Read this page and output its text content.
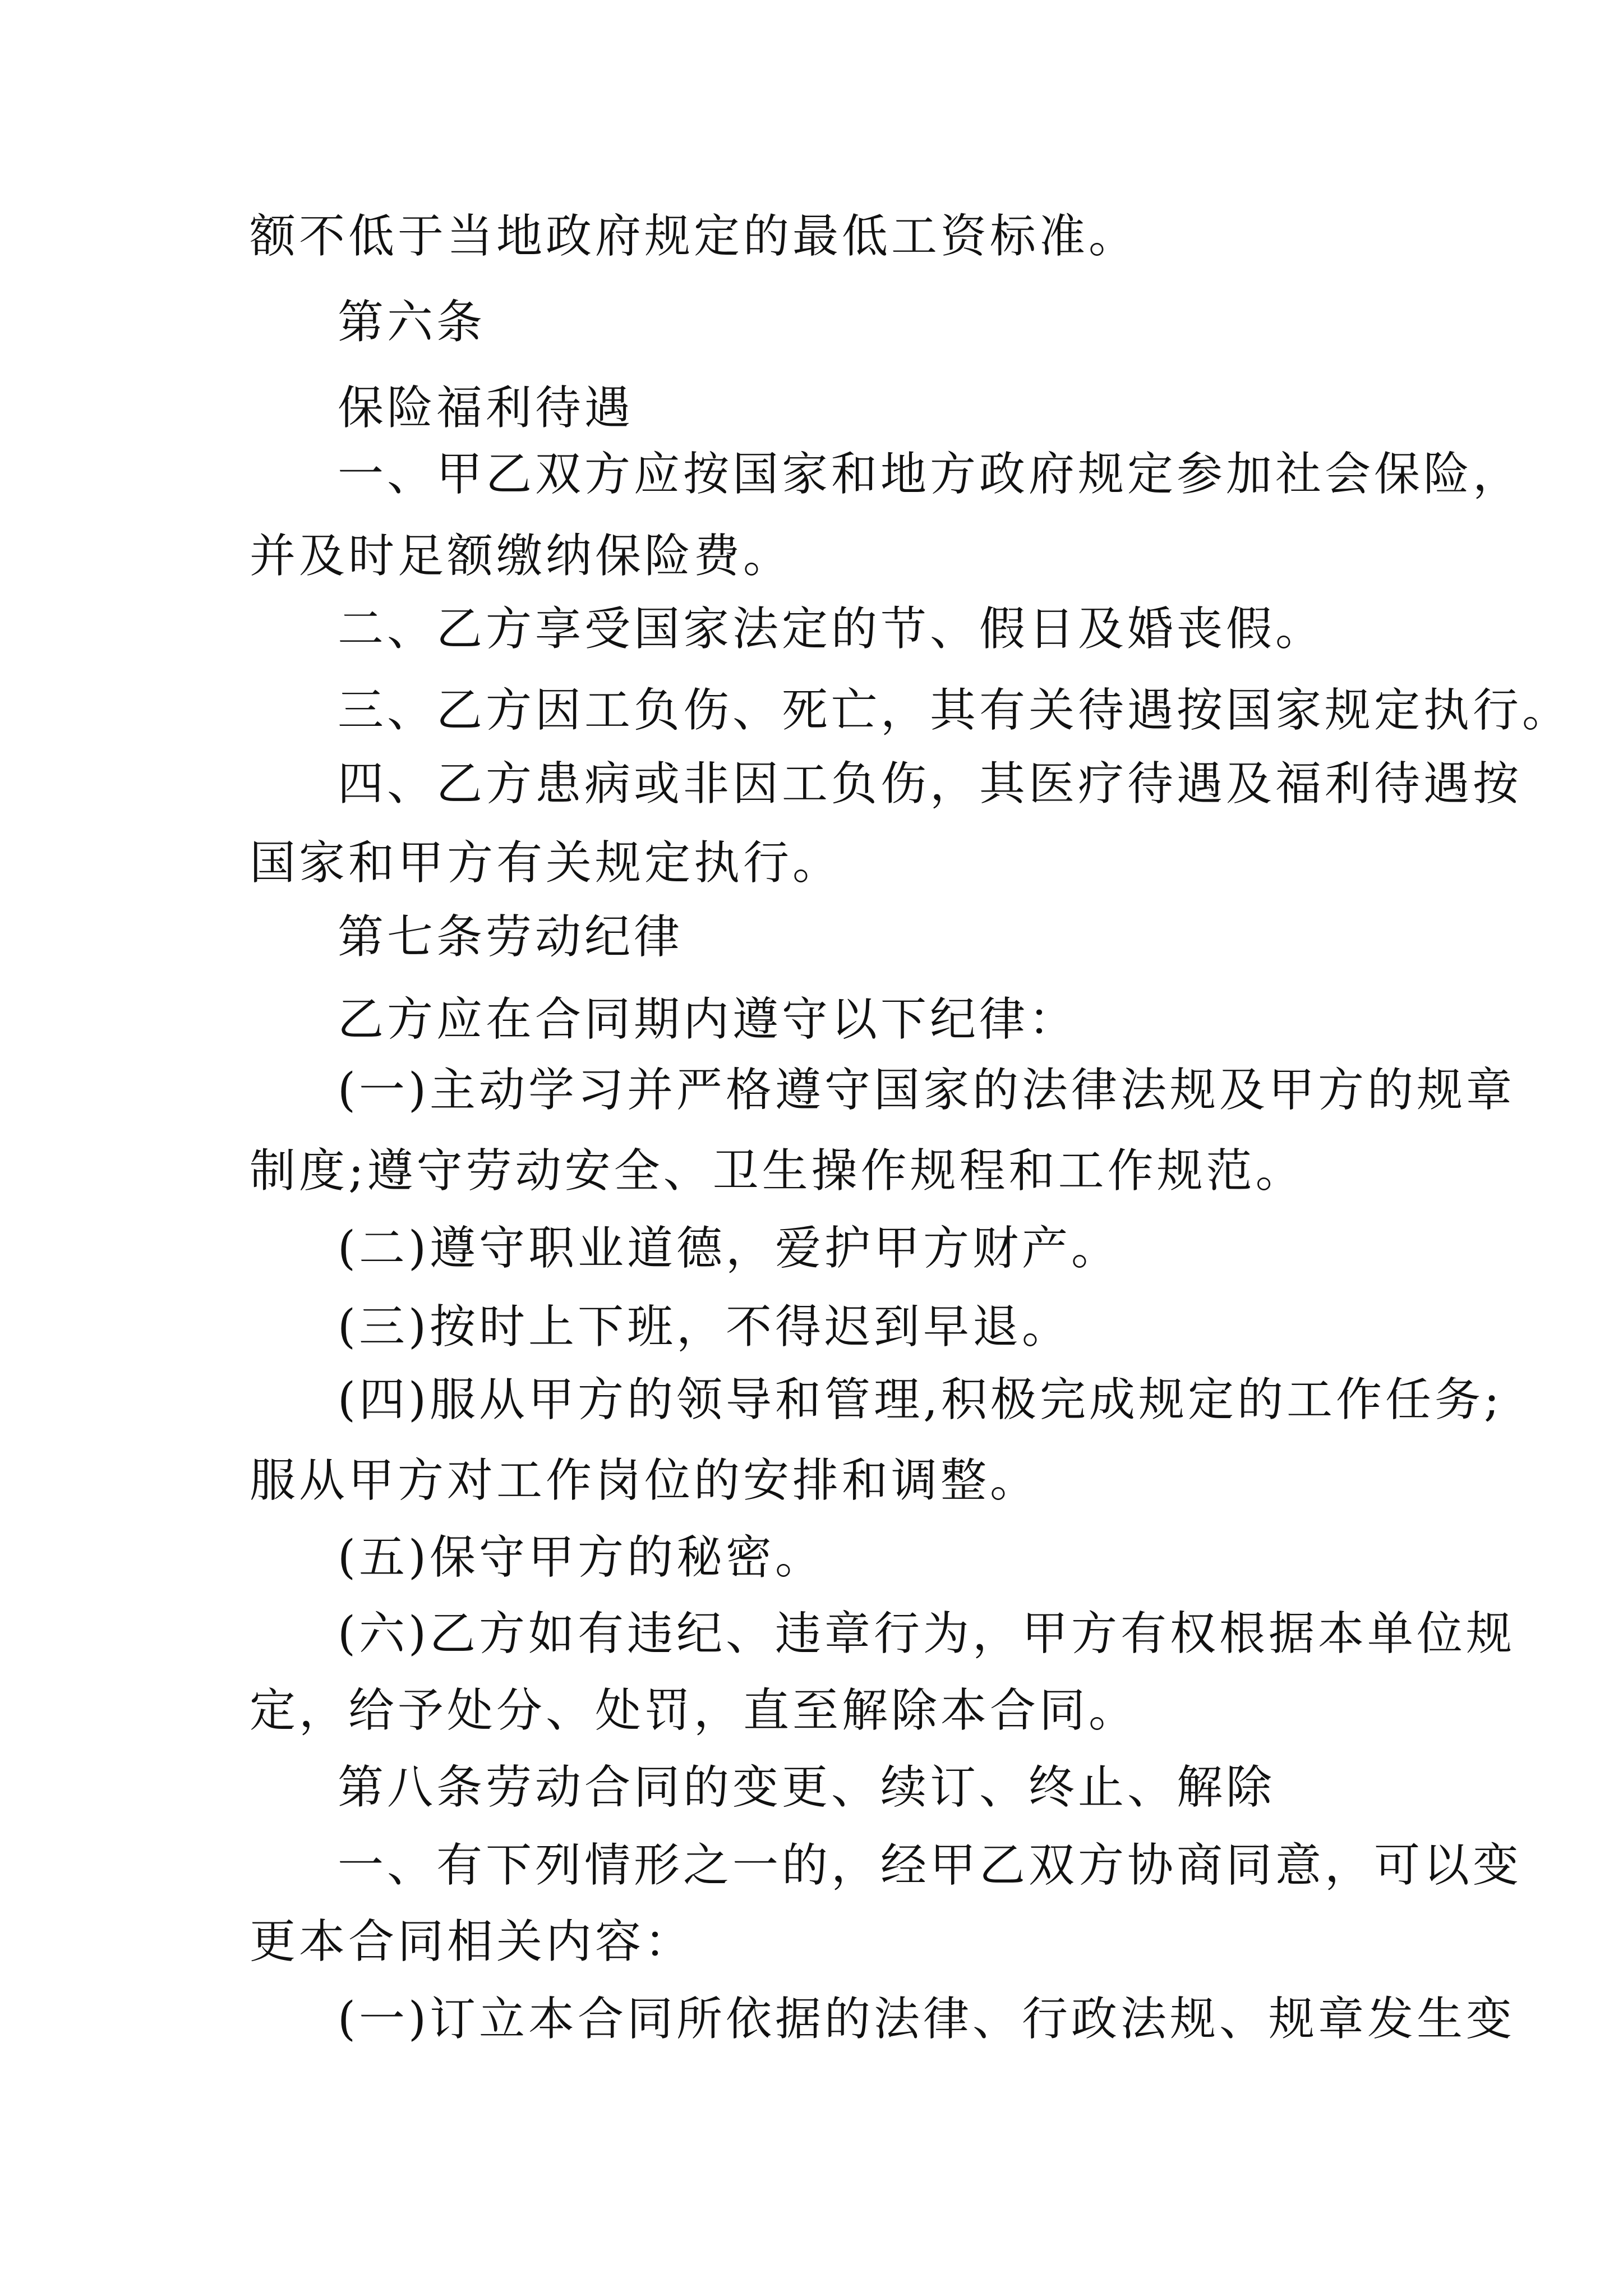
额不低于当地政府规定的最低工资标准。
第六条
保险福利待遇
一、甲乙双方应按国家和地方政府规定参加社会保险，
并及时足额缴纳保险费。
二、乙方享受国家法定的节、假日及婚丧假。
三、乙方因工负伤、死亡，其有关待遇按国家规定执行。
四、乙方患病或非因工负伤，其医疗待遇及福利待遇按
国家和甲方有关规定执行。
第七条劳动纪律
乙方应在合同期内遵守以下纪律：
(一)主动学习并严格遵守国家的法律法规及甲方的规章
制度;遵守劳动安全、卫生操作规程和工作规范。
(二)遵守职业道德，爱护甲方财产。
(三)按时上下班，不得迟到早退。
(四)服从甲方的领导和管理,积极完成规定的工作任务;
服从甲方对工作岗位的安排和调整。
(五)保守甲方的秘密。
(六)乙方如有违纪、违章行为，甲方有权根据本单位规
定，给予处分、处罚，直至解除本合同。
第八条劳动合同的变更、续订、终止、解除
一、有下列情形之一的，经甲乙双方协商同意，可以变
更本合同相关内容：
(一)订立本合同所依据的法律、行政法规、规章发生变
